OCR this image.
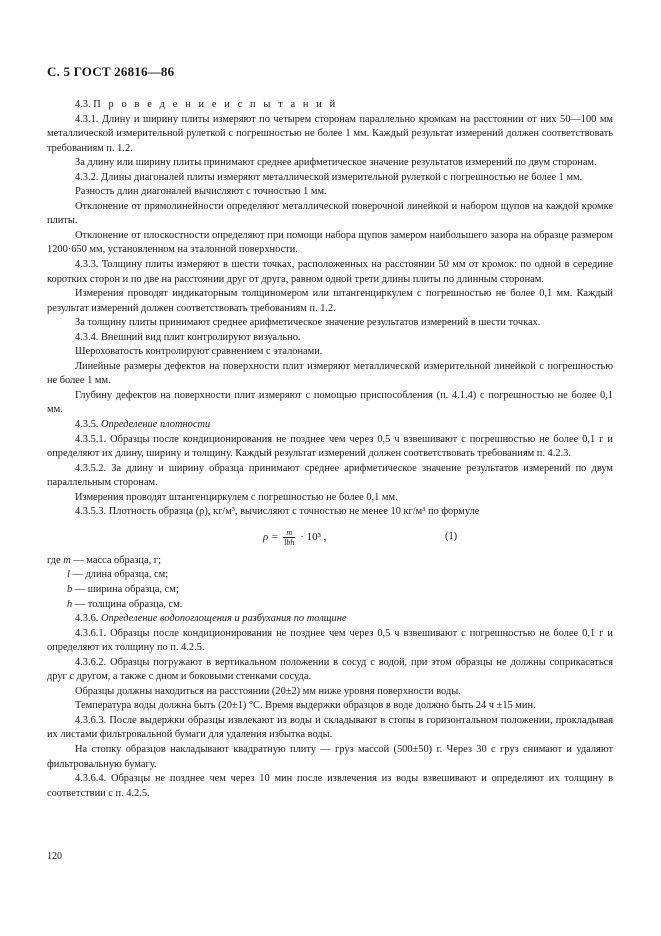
С. 5 ГОСТ 26816—86

4.3. П р о в е д е н и е и с п ы т а н и й

4.3.1. Длину и ширину плиты измеряют по четырем сторонам параллельно кромкам на расстоянии от них 50—100 мм металлической измерительной рулеткой с погрешностью не более 1 мм. Каждый результат измерений должен соответствовать требованиям п. 1.2.

За длину или ширину плиты принимают среднее арифметическое значение результатов измерений по двум сторонам.

4.3.2. Длины диагоналей плиты измеряют металлической измерительной рулеткой с погрешностью не более 1 мм.

Разность длин диагоналей вычисляют с точностью 1 мм.

Отклонение от прямолинейности определяют металлической поверочной линейкой и набором щупов на каждой кромке плиты.

Отклонение от плоскостности определяют при помощи набора щупов замером наибольшего зазора на образце размером 1200·650 мм, установленном на эталонной поверхности.

4.3.3. Толщину плиты измеряют в шести точках, расположенных на расстоянии 50 мм от кромок: по одной в середине коротких сторон и по две на расстоянии друг от друга, равном одной трети длины плиты по длинным сторонам.

Измерения проводят индикаторным толщиномером или штангенциркулем с погрешностью не более 0,1 мм. Каждый результат измерений должен соответствовать требованиям п. 1.2.

За толщину плиты принимают среднее арифметическое значение результатов измерений в шести точках.

4.3.4. Внешний вид плит контролируют визуально.

Шероховатость контролируют сравнением с эталонами.

Линейные размеры дефектов на поверхности плит измеряют металлической измерительной линейкой с погрешностью не более 1 мм.

Глубину дефектов на поверхности плит измеряют с помощью приспособления (п. 4.1.4) с погрешностью не более 0,1 мм.

4.3.5. Определение плотности

4.3.5.1. Образцы после кондиционирования не позднее чем через 0,5 ч взвешивают с погрешностью не более 0,1 г и определяют их длину, ширину и толщину. Каждый результат измерений должен соответствовать требованиям п. 4.2.3.

4.3.5.2. За длину и ширину образца принимают среднее арифметическое значение результатов измерений по двум параллельным сторонам.

Измерения проводят штангенциркулем с погрешностью не более 0,1 мм.

4.3.5.3. Плотность образца (ρ), кг/м³, вычисляют с точностью не менее 10 кг/м³ по формуле

$\rho = \frac{m}{\text{lbh}} \cdot 10^3$ ,	(1)

где m — масса образца, г;

l — длина образца, см;

b — ширина образца, см;

h — толщина образца, см.

4.3.6. Определение водопоглощения и разбухания по толщине

4.3.6.1. Образцы после кондиционирования не позднее чем через 0,5 ч взвешивают с погрешностью не более 0,1 г и определяют их толщину по п. 4.2.5.

4.3.6.2. Образцы погружают в вертикальном положении в сосуд с водой, при этом образцы не должны соприкасаться друг с другом, а также с дном и боковыми стенками сосуда.

Образцы должны находиться на расстоянии (20±2) мм ниже уровня поверхности воды.

Температура воды должна быть (20±1) °С. Время выдержки образцов в воде должно быть 24 ч ±15 мин.

4.3.6.3. После выдержки образцы извлекают из воды и складывают в стопы в горизонтальном положении, прокладывая их листами фильтровальной бумаги для удаления избытка воды.

На стопку образцов накладывают квадратную плиту — груз массой (500±50) г. Через 30 с груз снимают и удаляют фильтровальную бумагу.

4.3.6.4. Образцы не позднее чем через 10 мин после извлечения из воды взвешивают и определяют их толщину в соответствии с п. 4.2.5.

120
